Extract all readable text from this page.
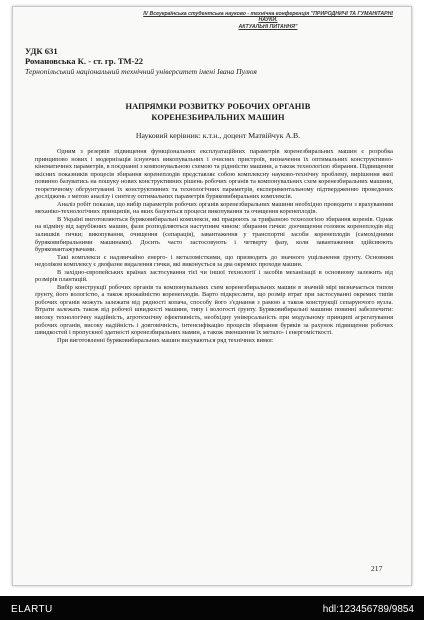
IV Всеукраїнська студентська науково - технічна конференція "ПРИРОДНИЧІ ТА ГУМАНІТАРНІ НАУКИ.
АКТУАЛЬНІ ПИТАННЯ"
УДК 631
Романовська К. - ст. гр. ТМ-22
Тернопільський національний технічний університет імені Івана Пулюя
НАПРЯМКИ РОЗВИТКУ РОБОЧИХ ОРГАНІВ
КОРЕНЕЗБИРАЛЬНИХ МАШИН
Науковий керівник: к.т.н., доцент Матвійчук А.В.

Одним з резервів підвищення функціональних експлуатаційних параметрів коренезбиральних машин є розробка принципово нових і модернізація існуючих викопувальних і очисних пристроїв, визначення їх оптимальних конструктивно-кінематичних параметрів, в поєднанні з компонувальною схемою та ріднністю машини, а також технологією збирання. Підвищення якісних показників процесів збирання коренеплодів представляє собою комплексну науково-технічну проблему, вирішення якої повинно базуватись на пошуку нових конструктивних рішень робочих органів та компонувальних схем коренезбиральних машини, теоретичному обгрунтуванні їх конструктивних та технологічних параметрів, експериментальному підтвердженню проведених досліджень з метою аналізу і синтезу оптимальних параметрів буряковибиральних комплексів.

Аналіз робіт показав, що вибір параметрів робочих органів коренезбиральних машини необхідно проводити з врахуванням механіко-технологічних принципів, на яких базуються процеси викопування та очищення коренеплодів.

В Україні виготовляються буряковибиральні комплекси, які працюють за трифазною технологією збирання коренів. Однак на відміну від зарубіжних машин, фази розподіляються наступним чином: збирання гички: доочищення головок коренеплодів від залишків гички; викопування, очищення (сепарація), завантаження у транспортні засоби коренеплодів (самохідними буряковибиральними машинами). Досить часто застосовують і четверту фазу, коли завантаження здійснюють буряковантажувачами.

Такі комплекси є надзвичайно енерго- і металомісткими, що призводить до значного ущільнення ґрунту. Основним недоліком комплексу є двофазне видалення гички, які виконується за два окремих проходи машин.

В західно-європейських країнах застосування тієї чи іншої технології і засобів механізації в основному залежить від розмірів плантацій.

Вибір конструкції робочих органів та компонувальних схем коренезбиральних машин в значній мірі визначається типом ґрунту, його вологістю, а також врожайністю коренеплодів. Варто підкреслити, що розмір втрат при застосуванні окремих типів робочих органів можуть залежати від рядності копача, способу його з'єднання з рамою а також конструкції сепаруючого вузла. Втрати залежать також від робочої швидкості машини, типу і вологості ґрунту. Буряковибиральні машини повинні забезпечити: високу технологічну надійність, агротехнічну ефективність, необхідну універсальність при модульному принципі агрегатування робочих органів, високу надійність і довговічність, інтенсифікацію процесів збирання буряків за рахунок підвищення робочих швидкостей і пропускної здатності коренезбиральних мамин, а також зменшення їх метало- і енергомісткості.

При виготовленні буряковибиральних машин висуваються ряд технічних вимог.

217
ELARTU	hdl:123456789/9854
